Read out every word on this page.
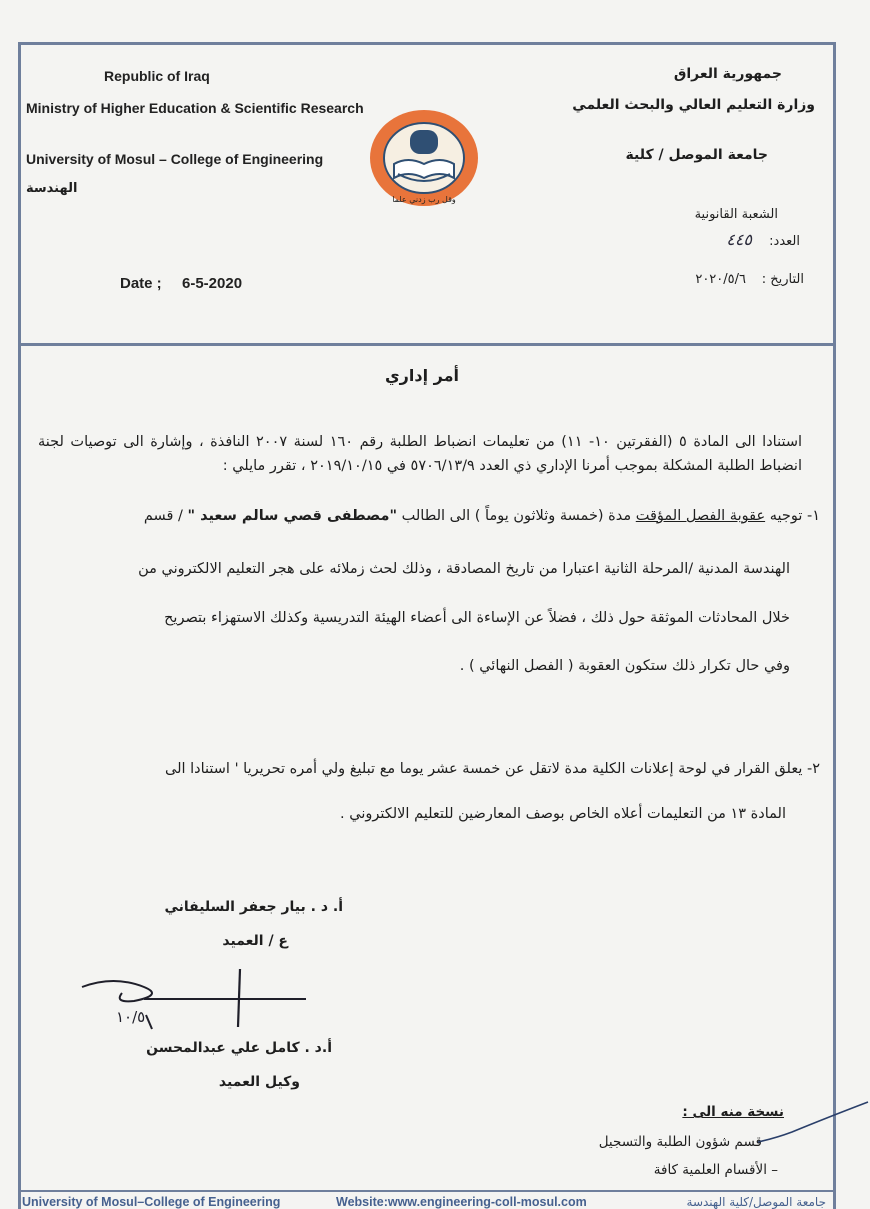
Republic of Iraq
Ministry of Higher Education & Scientific Research
University of Mosul – College of Engineering
الهندسة
Date ; 6-5-2020
وقل رب زدني علما
جمهورية العراق
وزارة التعليم العالي والبحث العلمي
جامعة الموصل / كلية
الشعبة القانونية
العدد:
٤٤٥
التاريخ :
٢٠٢٠/٥/٦
أمر إداري
استنادا الى المادة ٥ (الفقرتين ١٠- ١١) من تعليمات انضباط الطلبة رقم ١٦٠ لسنة ٢٠٠٧ النافذة ، وإشارة الى توصيات لجنة انضباط الطلبة المشكلة بموجب أمرنا الإداري ذي العدد ٥٧٠٦/١٣/٩ في ٢٠١٩/١٠/١٥ ، تقرر مايلي :
١- توجيه عقوبة الفصل المؤقت مدة (خمسة وثلاثون يوماً ) الى الطالب "مصطفى قصي سالم سعيد " / قسم
الهندسة المدنية /المرحلة الثانية اعتبارا من تاريخ المصادقة ، وذلك لحث زملائه على هجر التعليم الالكتروني من
خلال المحادثات الموثقة حول ذلك ، فضلاً عن الإساءة الى أعضاء الهيئة التدريسية وكذلك الاستهزاء بتصريح
وفي حال تكرار ذلك ستكون العقوبة ( الفصل النهائي ) .
٢- يعلق القرار في لوحة إعلانات الكلية مدة لاتقل عن خمسة عشر يوما مع تبليغ ولي أمره تحريريا ' استنادا الى
المادة ١٣ من التعليمات أعلاه الخاص بوصف المعارضين للتعليم الالكتروني .
أ. د . بيار جعفر السليفاني
ع / العميد
١٠/٥
أ.د . كامل علي عبدالمحسن
وكيل العميد
نسخة منه الى :
قسم شؤون الطلبة والتسجيل
– الأقسام العلمية كافة
University of Mosul–College of Engineering	Website:www.engineering-coll-mosul.com	جامعة الموصل/كلية الهندسة
